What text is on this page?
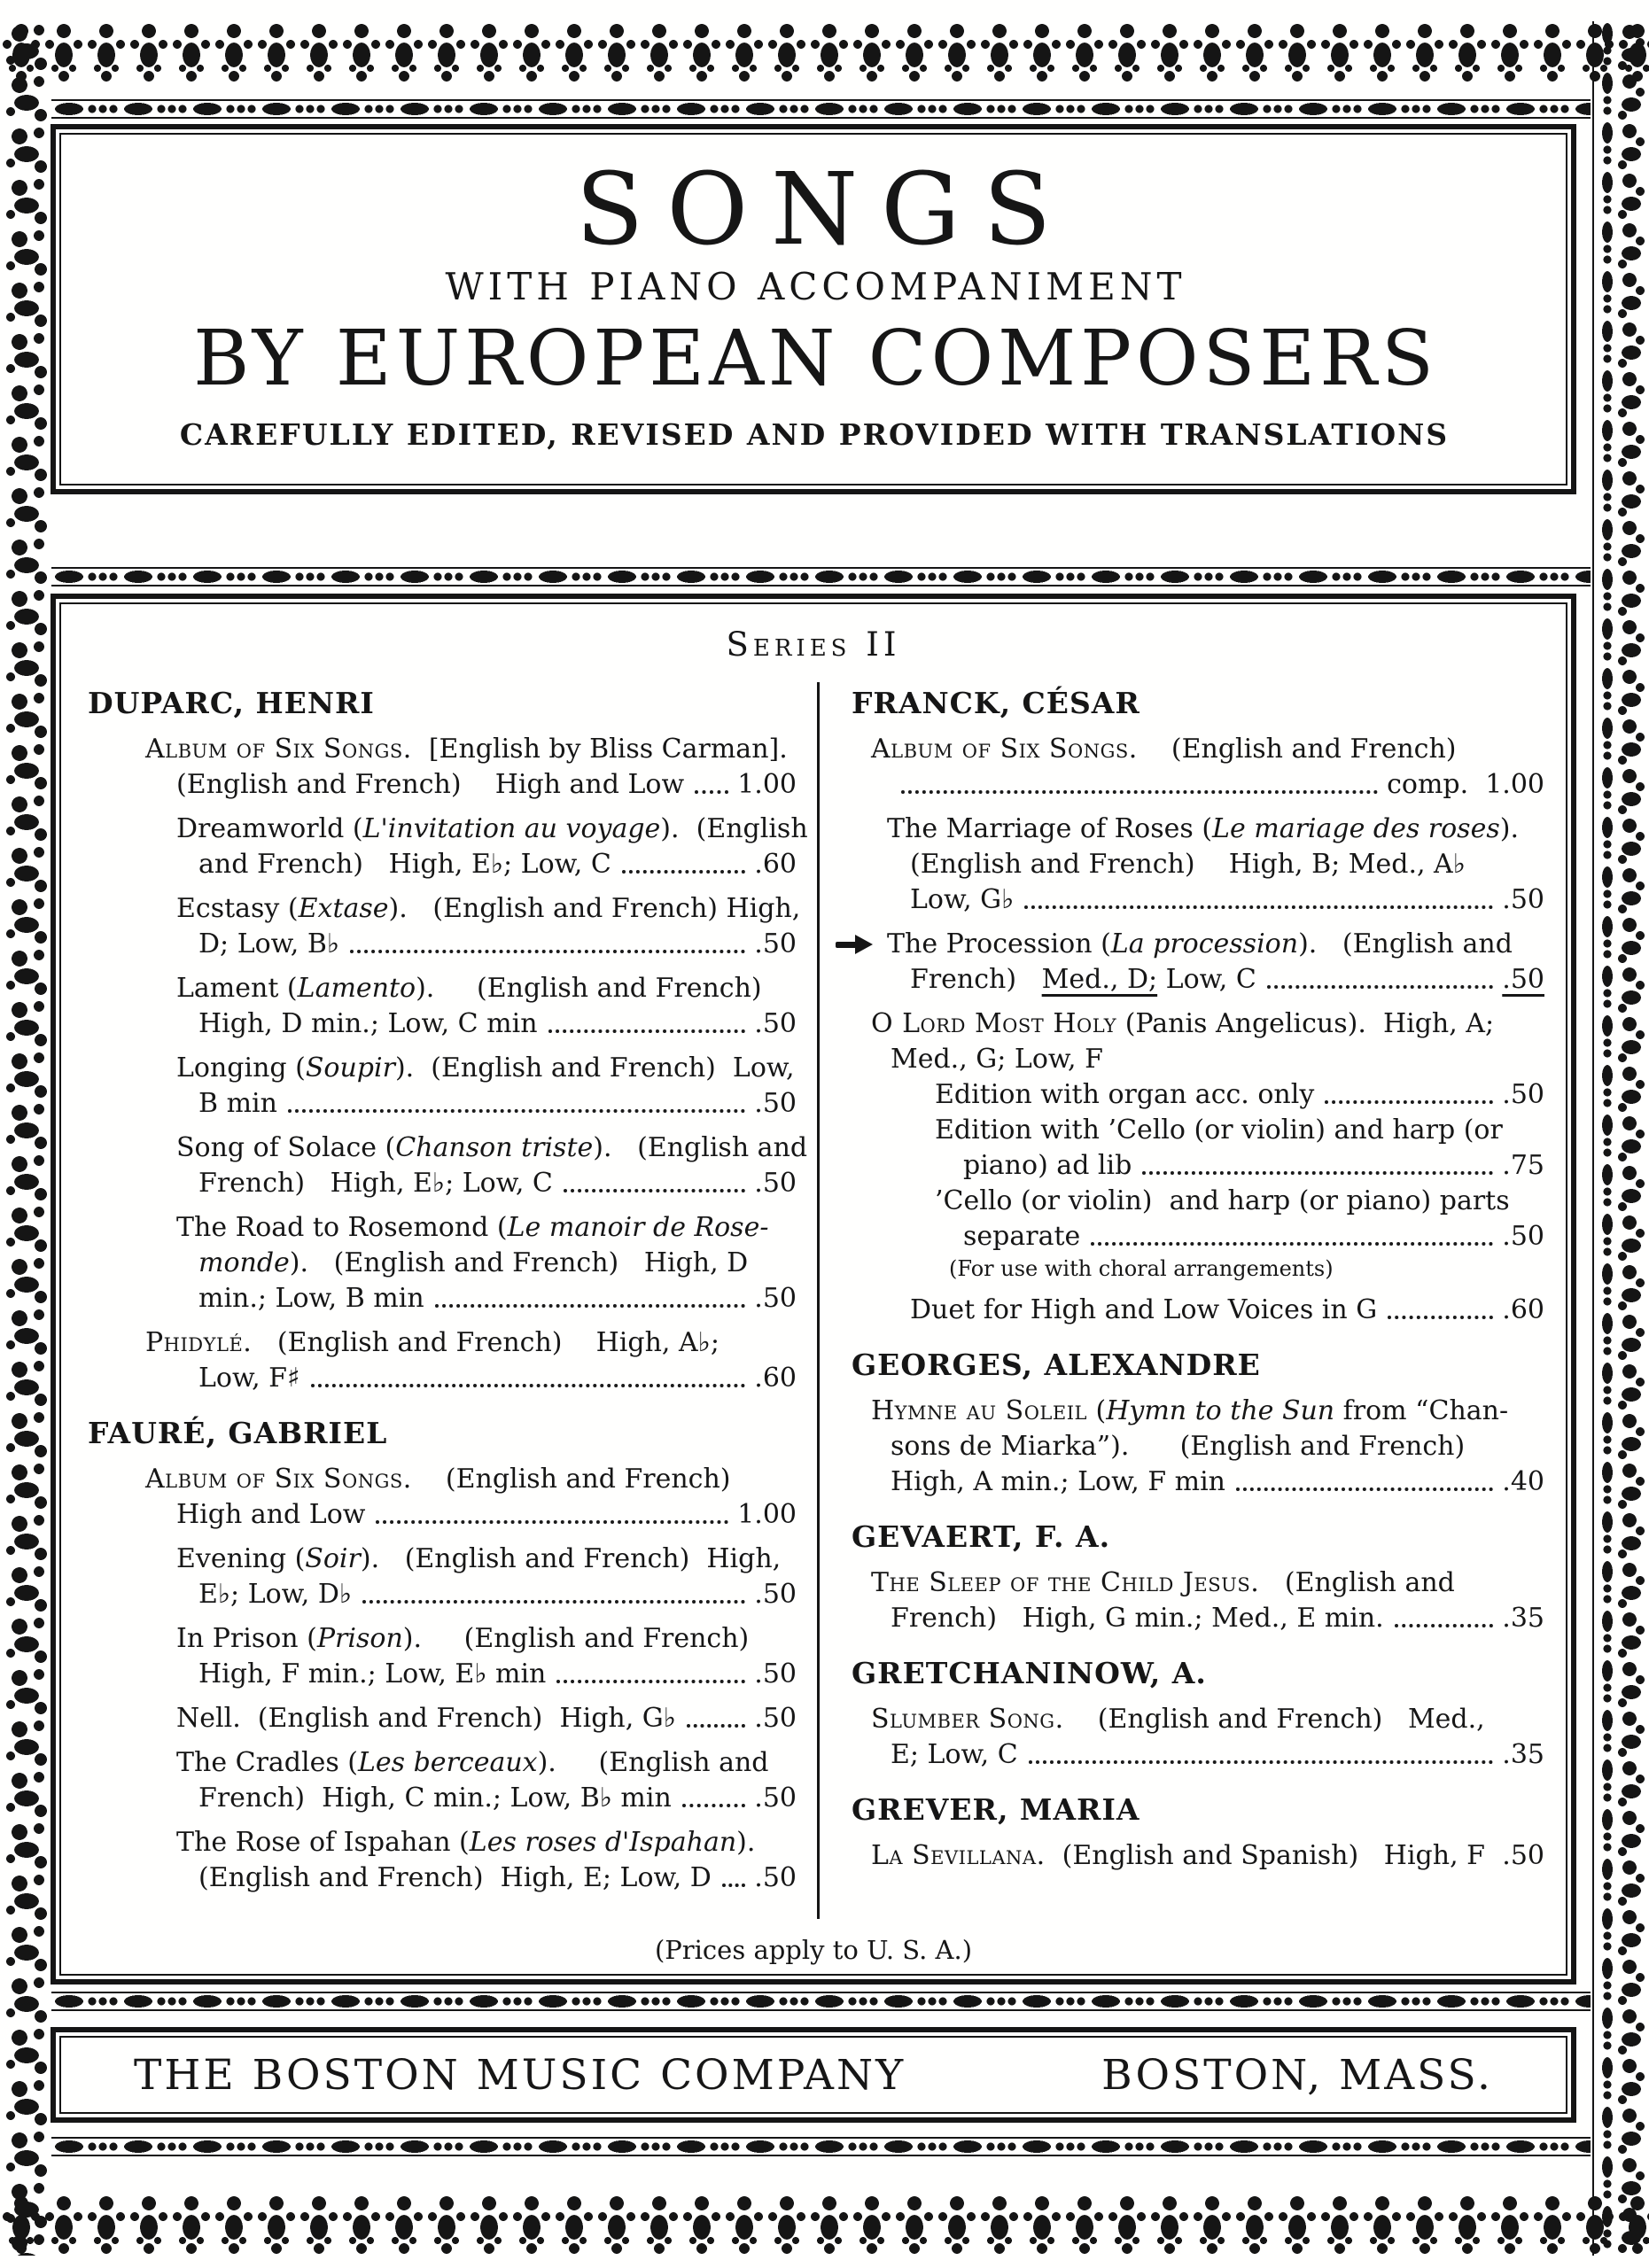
SONGS
WITH PIANO ACCOMPANIMENT
BY EUROPEAN COMPOSERS
CAREFULLY EDITED, REVISED AND PROVIDED WITH TRANSLATIONS
Series II
DUPARC, HENRI
Album of Six Songs.  [English by Bliss Carman].
(English and French)    High and Low 1.00
Dreamworld (L'invitation au voyage).  (English
and French)   High, E♭; Low, C	.60
Ecstasy (Extase).   (English and French) High,
D; Low, B♭	.50
Lament (Lamento).     (English and French)
High, D min.; Low, C min	.50
Longing (Soupir).  (English and French)  Low,
B min	.50
Song of Solace (Chanson triste).   (English and
French)   High, E♭; Low, C	.50
The Road to Rosemond (Le manoir de Rose-
monde).   (English and French)   High, D
min.; Low, B min	.50
Phidylé.   (English and French)    High, A♭;
Low, F♯	.60
FAURÉ, GABRIEL
Album of Six Songs.    (English and French)
High and Low	1.00
Evening (Soir).   (English and French)  High,
E♭; Low, D♭	.50
In Prison (Prison).     (English and French)
High, F min.; Low, E♭ min	.50
Nell.  (English and French)  High, G♭	.50
The Cradles (Les berceaux).     (English and
French)  High, C min.; Low, B♭ min	.50
The Rose of Ispahan (Les roses d'Ispahan).
(English and French)  High, E; Low, D .50
FRANCK, CÉSAR
Album of Six Songs.    (English and French)
comp.  1.00
The Marriage of Roses (Le mariage des roses).
(English and French)    High, B; Med., A♭
Low, G♭	.50
The Procession (La procession).   (English and
French)   Med., D; Low, C	.50
O Lord Most Holy (Panis Angelicus).  High, A;
Med., G; Low, F
Edition with organ acc. only	.50
Edition with ’Cello (or violin) and harp (or
piano) ad lib	.75
’Cello (or violin)  and harp (or piano) parts
separate	.50
(For use with choral arrangements)
Duet for High and Low Voices in G	.60
GEORGES, ALEXANDRE
Hymne au Soleil (Hymn to the Sun from “Chan-
sons de Miarka”).      (English and French)
High, A min.; Low, F min	.40
GEVAERT, F. A.
The Sleep of the Child Jesus.   (English and
French)   High, G min.; Med., E min.	.35
GRETCHANINOW, A.
Slumber Song.    (English and French)   Med.,
E; Low, C	.35
GREVER, MARIA
La Sevillana.  (English and Spanish)   High, F .50
(Prices apply to U. S. A.)
THE BOSTON MUSIC COMPANY	BOSTON, MASS.
